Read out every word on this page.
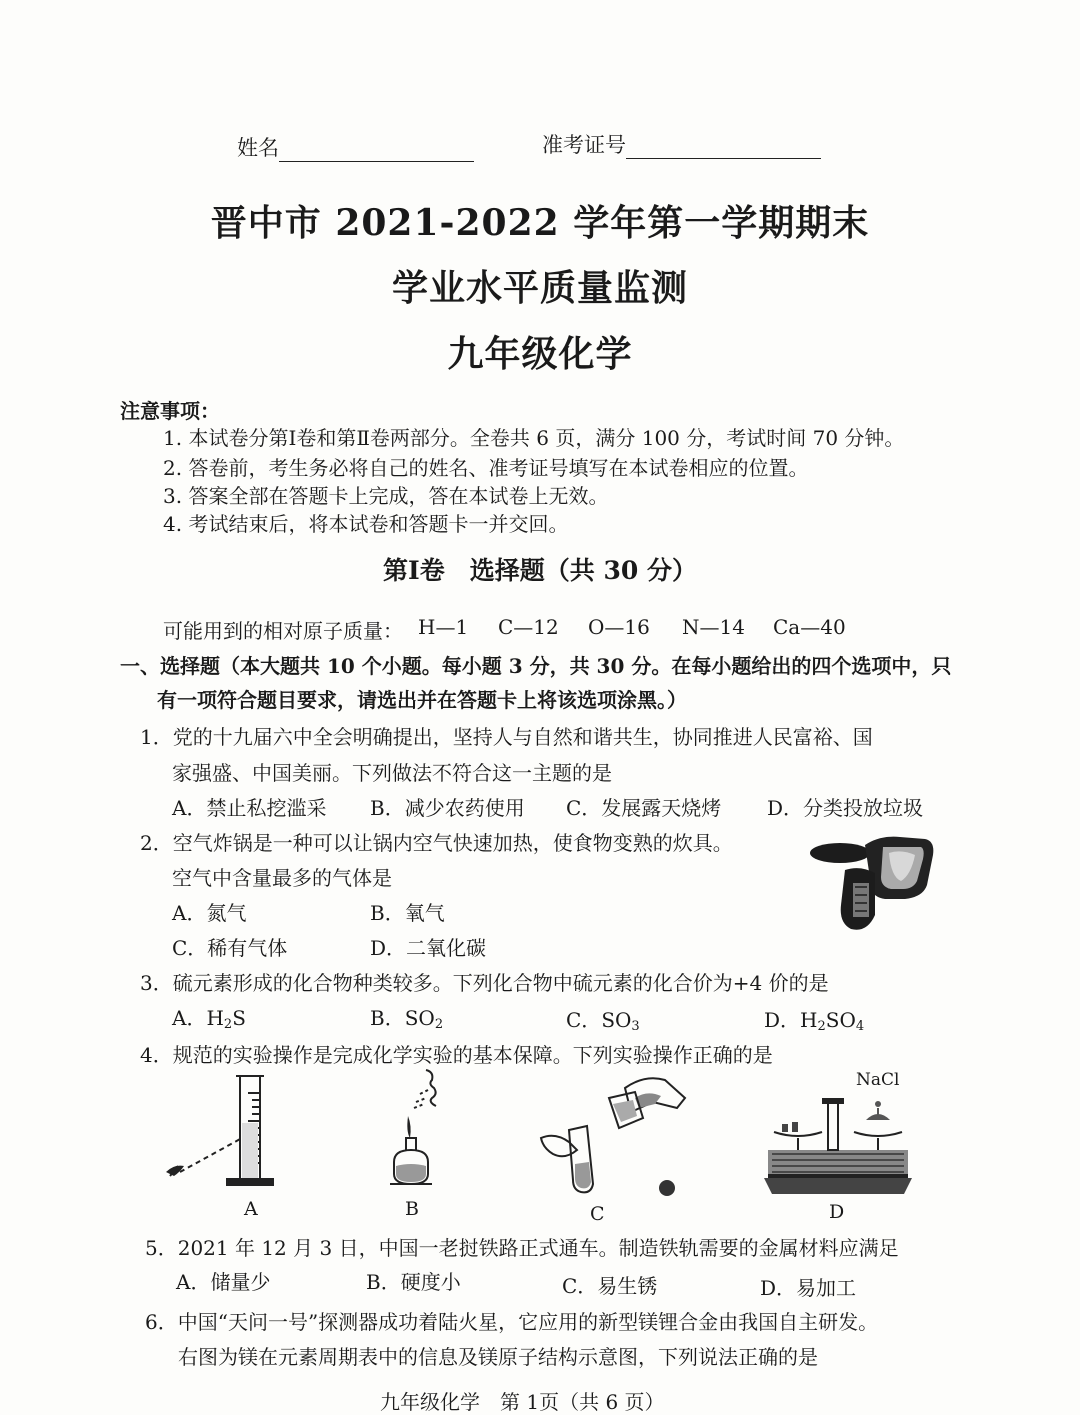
姓名	准考证号
晋中市 2021-2022 学年第一学期期末
学业水平质量监测
九年级化学
注意事项：
1. 本试卷分第Ⅰ卷和第Ⅱ卷两部分。全卷共 6 页，满分 100 分，考试时间 70 分钟。
2. 答卷前，考生务必将自己的姓名、准考证号填写在本试卷相应的位置。
3. 答案全部在答题卡上完成，答在本试卷上无效。
4. 考试结束后，将本试卷和答题卡一并交回。
第Ⅰ卷　选择题（共 30 分）
可能用到的相对原子质量： H—1 C—12 O—16 N—14 Ca—40
一、选择题（本大题共 10 个小题。每小题 3 分，共 30 分。在每小题给出的四个选项中，只
有一项符合题目要求，请选出并在答题卡上将该选项涂黑。）
1．党的十九届六中全会明确提出，坚持人与自然和谐共生，协同推进人民富裕、国
家强盛、中国美丽。下列做法不符合这一主题的是
A．禁止私挖滥采 B．减少农药使用 C．发展露天烧烤 D．分类投放垃圾
2．空气炸锅是一种可以让锅内空气快速加热，使食物变熟的炊具。
空气中含量最多的气体是
A．氮气	B．氧气
C．稀有气体	D．二氧化碳
3．硫元素形成的化合物种类较多。下列化合物中硫元素的化合价为+4 价的是
A．$H_2S$	B．$SO_2$	C．$SO_3$	D．$H_2SO_4$
4．规范的实验操作是完成化学实验的基本保障。下列实验操作正确的是
A	B	C
NaCl
D
5．2021 年 12 月 3 日，中国一老挝铁路正式通车。制造铁轨需要的金属材料应满足
A．储量少	B．硬度小	C．易生锈	D．易加工
6．中国“天问一号”探测器成功着陆火星，它应用的新型镁锂合金由我国自主研发。
右图为镁在元素周期表中的信息及镁原子结构示意图，下列说法正确的是
九年级化学　第 1页（共 6 页）
